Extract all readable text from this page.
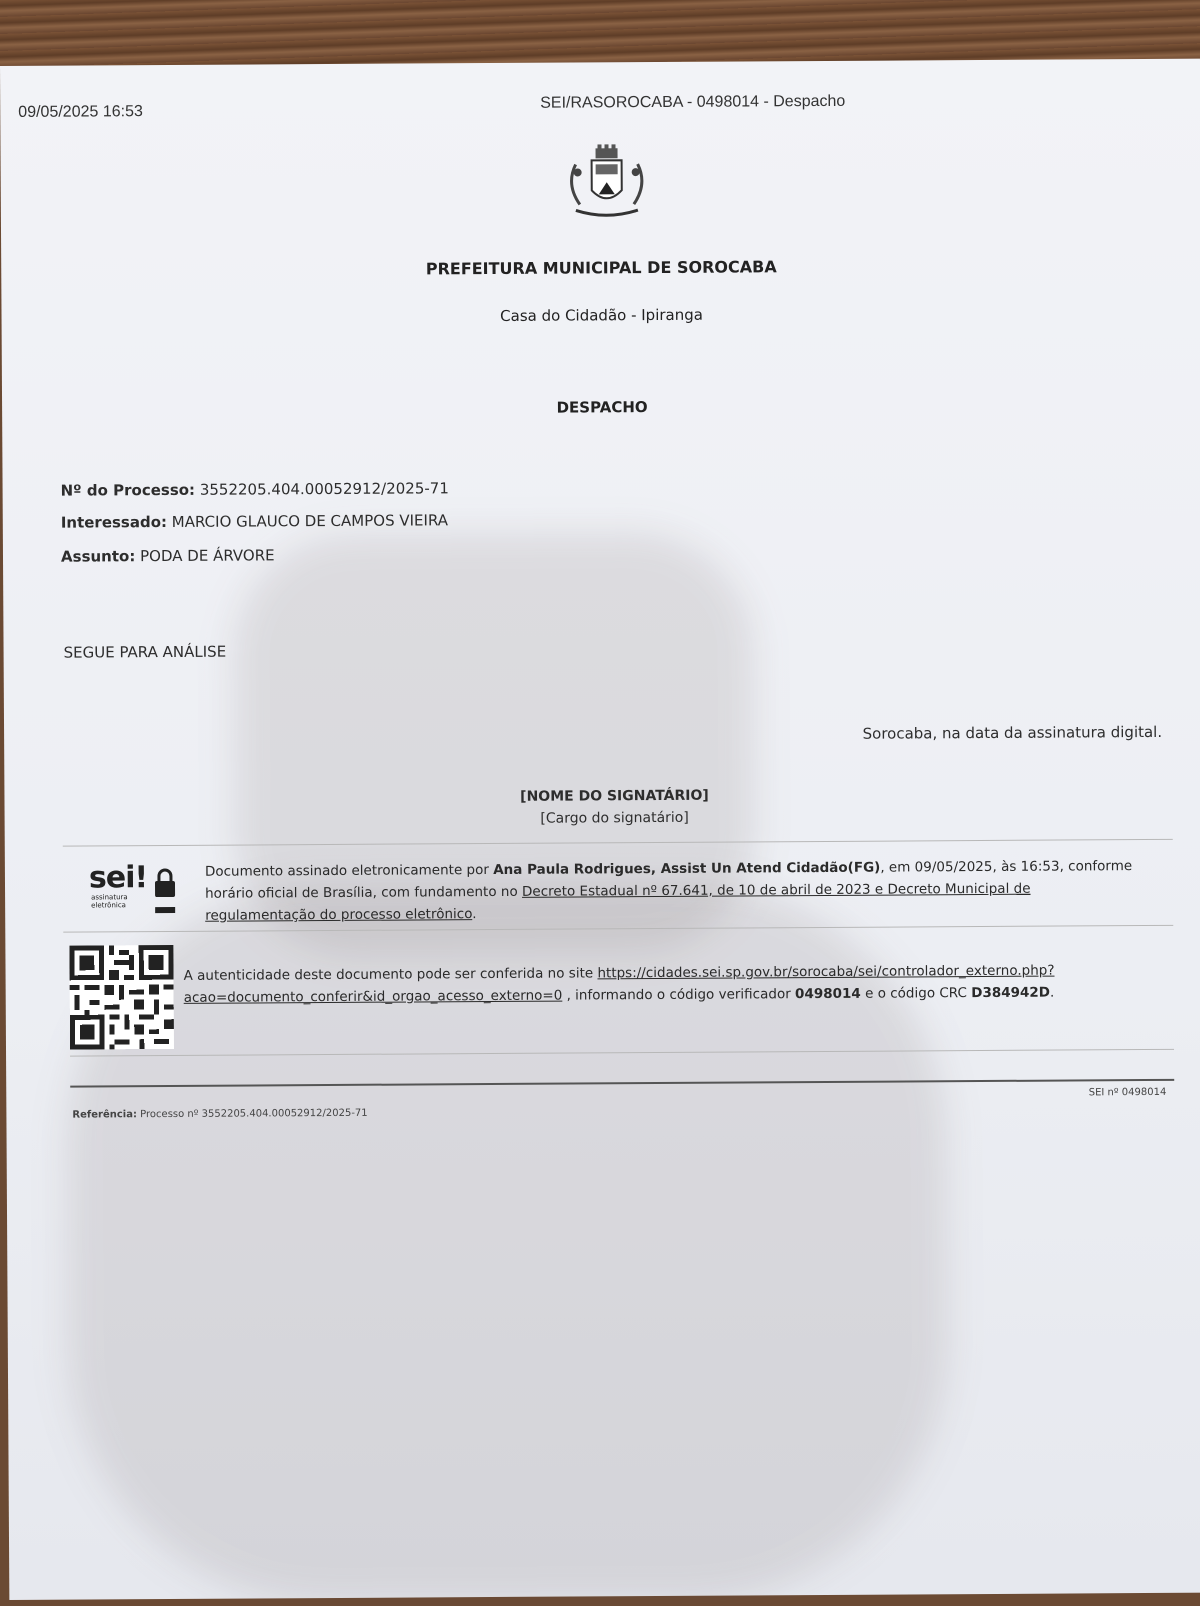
09/05/2025 16:53
SEI/RASOROCABA - 0498014 - Despacho
PREFEITURA MUNICIPAL DE SOROCABA
Casa do Cidadão - Ipiranga
DESPACHO
Nº do Processo: 3552205.404.00052912/2025-71
Interessado: MARCIO GLAUCO DE CAMPOS VIEIRA
Assunto: PODA DE ÁRVORE
SEGUE PARA ANÁLISE
Sorocaba, na data da assinatura digital.
[NOME DO SIGNATÁRIO]
[Cargo do signatário]
sei!
assinatura
eletrônica
Documento assinado eletronicamente por Ana Paula Rodrigues, Assist Un Atend Cidadão(FG), em 09/05/2025, às 16:53, conforme
horário oficial de Brasília, com fundamento no Decreto Estadual nº 67.641, de 10 de abril de 2023 e Decreto Municipal de
regulamentação do processo eletrônico.
A autenticidade deste documento pode ser conferida no site https://cidades.sei.sp.gov.br/sorocaba/sei/controlador_externo.php?
acao=documento_conferir&id_orgao_acesso_externo=0 , informando o código verificador 0498014 e o código CRC D384942D.
Referência: Processo nº 3552205.404.00052912/2025-71
SEI nº 0498014
